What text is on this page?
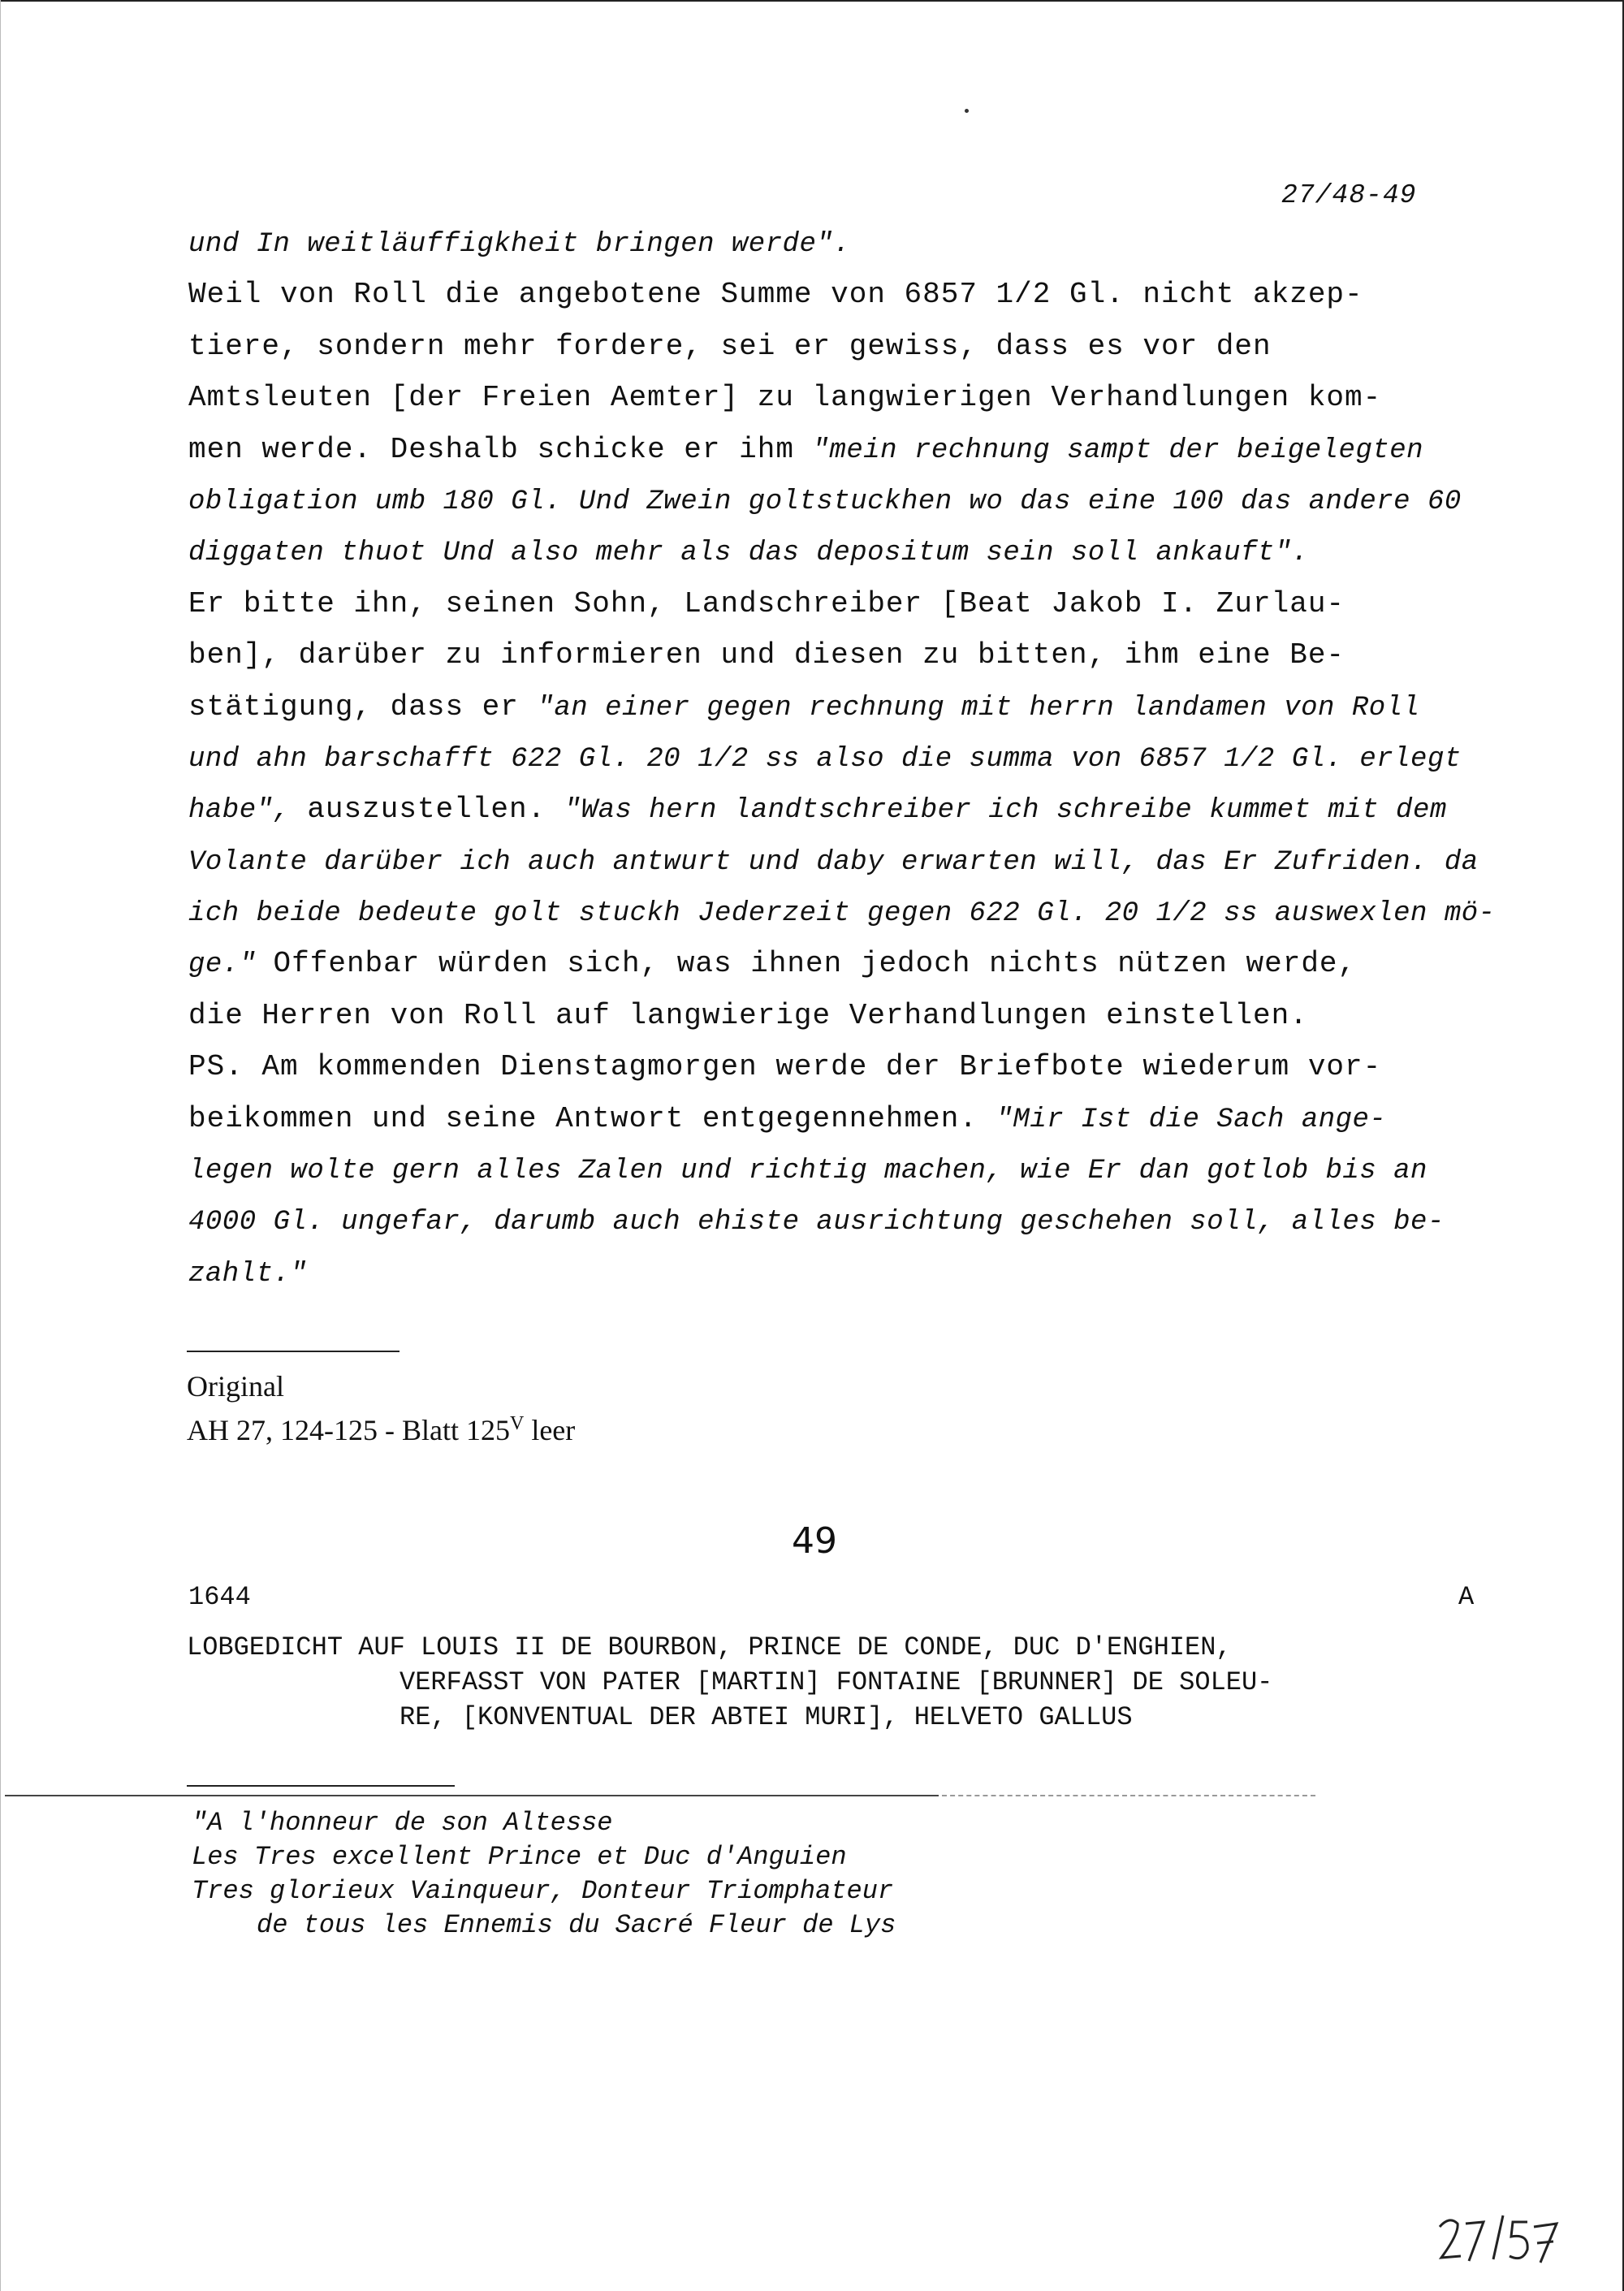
27/48-49
und In weitläuffigkheit bringen werde".
Weil von Roll die angebotene Summe von 6857 1/2 Gl. nicht akzep-
tiere, sondern mehr fordere, sei er gewiss, dass es vor den
Amtsleuten [der Freien Aemter] zu langwierigen Verhandlungen kom-
men werde. Deshalb schicke er ihm "mein rechnung sampt der beigelegten
obligation umb 180 Gl. Und Zwein goltstuckhen wo das eine 100 das andere 60
diggaten thuot Und also mehr als das depositum sein soll ankauft".
Er bitte ihn, seinen Sohn, Landschreiber [Beat Jakob I. Zurlau-
ben], darüber zu informieren und diesen zu bitten, ihm eine Be-
stätigung, dass er "an einer gegen rechnung mit herrn landamen von Roll
und ahn barschafft 622 Gl. 20 1/2 ss also die summa von 6857 1/2 Gl. erlegt
habe", auszustellen. "Was hern landtschreiber ich schreibe kummet mit dem
Volante darüber ich auch antwurt und daby erwarten will, das Er Zufriden. da
ich beide bedeute golt stuckh Jederzeit gegen 622 Gl. 20 1/2 ss auswexlen mö-
ge." Offenbar würden sich, was ihnen jedoch nichts nützen werde,
die Herren von Roll auf langwierige Verhandlungen einstellen.
PS. Am kommenden Dienstagmorgen werde der Briefbote wiederum vor-
beikommen und seine Antwort entgegennehmen. "Mir Ist die Sach ange-
legen wolte gern alles Zalen und richtig machen, wie Er dan gotlob bis an
4000 Gl. ungefar, darumb auch ehiste ausrichtung geschehen soll, alles be-
zahlt."
Original
AH 27, 124-125 - Blatt $125^V$ leer
49
1644	A
LOBGEDICHT AUF LOUIS II DE BOURBON, PRINCE DE CONDE, DUC D'ENGHIEN,
VERFASST VON PATER [MARTIN] FONTAINE [BRUNNER] DE SOLEU-
RE, [KONVENTUAL DER ABTEI MURI], HELVETO GALLUS
"A l'honneur de son Altesse
Les Tres excellent Prince et Duc d'Anguien
Tres glorieux Vainqueur, Donteur Triomphateur
de tous les Ennemis du Sacré Fleur de Lys
